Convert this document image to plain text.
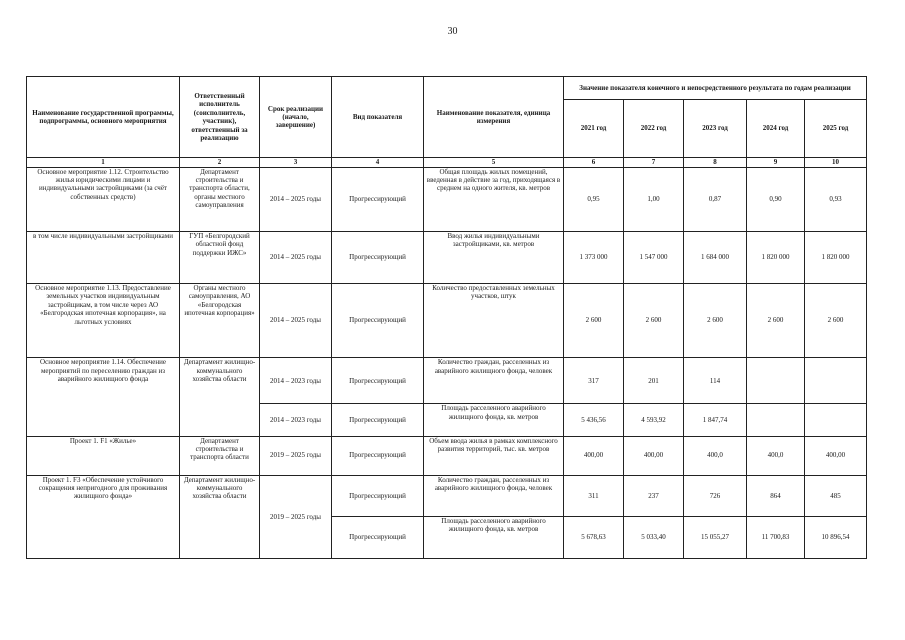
30
Наименование государственной программы, подпрограммы, основного мероприятия	Ответственный исполнитель (соисполнитель, участник), ответственный за реализацию	Срок реализации (начало, завершение)	Вид показателя	Наименование показателя, единица измерения	Значение показателя конечного и непосредственного результата по годам реализации				
					2021 год	2022 год	2023 год	2024 год	2025 год
1	2	3	4	5	6	7	8	9	10
Основное мероприятие 1.12. Строительство жилья юридическими лицами и индивидуальными застройщиками (за счёт собственных средств)	Департамент строительства и транспорта области, органы местного самоуправления	2014 – 2025 годы	Прогрессирующий	Общая площадь жилых помещений, введенная в действие за год, приходящаяся в среднем на одного жителя, кв. метров	0,95	1,00	0,87	0,90	0,93
в том числе индивидуальными застройщиками	ГУП «Белгородский областной фонд поддержки ИЖС»	2014 – 2025 годы	Прогрессирующий	Ввод жилья индивидуальными застройщиками, кв. метров	1 373 000	1 547 000	1 684 000	1 820 000	1 820 000
Основное мероприятие 1.13. Предоставление земельных участков индивидуальным застройщикам, в том числе через АО «Белгородская ипотечная корпорация», на льготных условиях	Органы местного самоуправления, АО «Белгородская ипотечная корпорация»	2014 – 2025 годы	Прогрессирующий	Количество предоставленных земельных участков, штук	2 600	2 600	2 600	2 600	2 600
Основное мероприятие 1.14. Обеспечение мероприятий по переселению граждан из аварийного жилищного фонда	Департамент жилищно-коммунального хозяйства области	2014 – 2023 годы	Прогрессирующий	Количество граждан, расселенных из аварийного жилищного фонда, человек	317	201	114		
		2014 – 2023 годы	Прогрессирующий	Площадь расселенного аварийного жилищного фонда, кв. метров	5 436,56	4 593,92	1 847,74		
Проект 1. F1 «Жилье»	Департамент строительства и транспорта области	2019 – 2025 годы	Прогрессирующий	Объем ввода жилья в рамках комплексного развития территорий, тыс. кв. метров	400,00	400,00	400,0	400,0	400,00
Проект 1. F3 «Обеспечение устойчивого сокращения непригодного для проживания жилищного фонда»	Департамент жилищно-коммунального хозяйства области	2019 – 2025 годы	Прогрессирующий	Количество граждан, расселенных из аварийного жилищного фонда, человек	311	237	726	864	485
			Прогрессирующий	Площадь расселенного аварийного жилищного фонда, кв. метров	5 678,63	5 033,40	15 055,27	11 700,83	10 896,54
